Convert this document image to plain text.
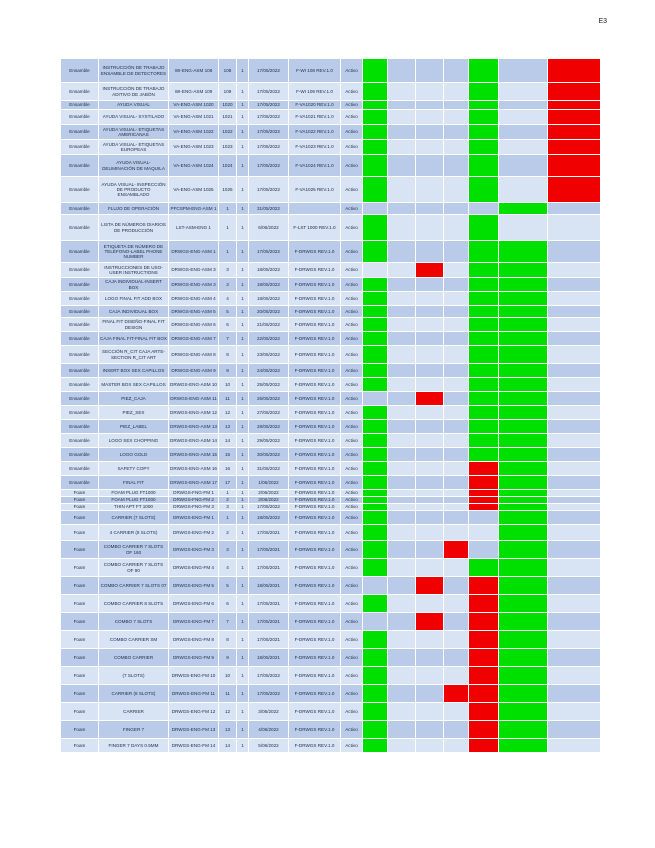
E3
Ensamble	INSTRUCCIÓN DE TRABAJO ENSAMBLE DE DETECTORES	WI-ENG-ASM 108	108	1	17/05/2022	F-WI 108 REV.1.0	Activo							
Ensamble	INSTRUCCIÓN DE TRABAJO ADITIVO DE JABÓN	WI-ENG-ASM 109	109	1	17/05/2022	F-WI 109 REV.1.0	Activo							
Ensamble	AYUDA VISUAL	VA-ENG-ASM 1020	1020	1	17/05/2022	F-VA1020 REV.1.0	Activo							
Ensamble	AYUDA VISUAL- SYSTILADO	VA-ENG-ASM 1021	1021	1	17/05/2022	F-VA1021 REV.1.0	Activo							
Ensamble	AYUDA VISUAL- ETIQUETAS AMERICANAS	VA-ENG-ASM 1022	1022	1	17/05/2022	F-VA1022 REV.1.0	Activo							
Ensamble	AYUDA VISUAL- ETIQUETAS EUROPEAS	VA-ENG-ASM 1023	1023	1	17/05/2022	F-VA1023 REV.1.0	Activo							
Ensamble	AYUDA VISUAL- DELIMINACIÓN DE MAQUILA	VA-ENG-ASM 1024	1024	1	17/05/2022	F-VA1024 REV.1.0	Activo							
Ensamble	AYUDA VISUAL- INSPECCIÓN DE PRODUCTO ENSAMBLADO	VA-ENG-ASM 1025	1025	1	17/05/2022	F-VA1025 REV.1.0	Activo							
Ensamble	FLUJO DE OPERACIÓN	PFCSPM-ENG-ASM 1	1	1	31/05/2022		Activo							
Ensamble	LISTA DE NÚMEROS DIARIOS DE PRODUCCIÓN	LST-ASM-ENG 1	1	1	6/06/2022	F-LST 1000 REV.1.0	Activo							
Ensamble	ETIQUETA DE NÚMERO DE TELÉFONO-LABEL PHONE NUMBER	DRWGS-ENG-ASM 1	1	1	17/05/2022	F-DRWGS REV.1.0	Activo							
Ensamble	INSTRUCCIONES DE USO-USER INSTRUCTIONS	DRWGS-ENG-ASM 3	3	1	18/05/2022	F-DRWGS REV.1.0	Activo							
Ensamble	CAJA INDIVIDUAL-INSERT BOX	DRWGS-ENG-ASM 3	3	1	18/05/2022	F-DRWGS REV.1.0	Activo							
Ensamble	LOGO FINAL FIT ADD BOX	DRWGS-ENG-ASM 4	4	1	18/05/2022	F-DRWGS REV.1.0	Activo							
Ensamble	CAJA INDIVIDUAL BOX	DRWGS-ENG-ASM 5	5	1	20/05/2022	F-DRWGS REV.1.0	Activo							
Ensamble	FINAL FIT DISEÑO-FINAL FIT DESIGN	DRWGS-ENG-ASM 6	6	1	21/05/2022	F-DRWGS REV.1.0	Activo							
Ensamble	CAJA FINAL FIT-FINAL FIT BOX	DRWGS-ENG-ASM 7	7	1	22/05/2022	F-DRWGS REV.1.0	Activo							
Ensamble	SECCIÓN R_CIT CAJA ARTE-SECTION R_CIT ART	DRWGS-ENG-ASM 8	8	1	23/05/2022	F-DRWGS REV.1.0	Activo							
Ensamble	INSERT BOX SEX CAPILLOS	DRWGS-ENG-ASM 9	9	1	24/05/2022	F-DRWGS REV.1.0	Activo							
Ensamble	MASTER BOX SEX CAPILLOS	DRWGS-ENG-ASM 10	10	1	25/05/2022	F-DRWGS REV.1.0	Activo							
Ensamble	PIEZ_CAJA	DRWGS-ENG-ASM 11	11	1	26/05/2022	F-DRWGS REV.1.0	Activo							
Ensamble	PIEZ_SEX	DRWGS-ENG-ASM 12	12	1	27/05/2022	F-DRWGS REV.1.0	Activo							
Ensamble	PIEZ_LABEL	DRWGS-ENG-ASM 13	13	1	28/05/2022	F-DRWGS REV.1.0	Activo							
Ensamble	LOGO SEX CHOPPING	DRWGS-ENG-ASM 14	14	1	29/05/2022	F-DRWGS REV.1.0	Activo							
Ensamble	LOGO GOLD	DRWGS-ENG-ASM 15	15	1	30/05/2022	F-DRWGS REV.1.0	Activo							
Ensamble	SAFETY COPY	DRWGS-ENG-ASM 16	16	1	31/05/2022	F-DRWGS REV.1.0	Activo							
Ensamble	FINAL FIT	DRWGS-ENG-ASM 17	17	1	1/06/2022	F-DRWGS REV.1.0	Activo							
Foam	FOAM PLUG FT1000	DRWGS-FNG-FM 1	1	1	2/06/2022	F-DRWGS REV.1.0	Activo							
Foam	FOAM PLUG FT1000	DRWGS-FNG-FM 2	2	1	3/06/2022	F-DRWGS REV.1.0	Activo							
Foam	THIN APT FT 1000	DRWGS-FNG-FM 3	3	1	17/05/2022	F-DRWGS REV.1.0	Activo							
Foam	CARRIER (7 SLOTS)	DRWGS-ENG-FM 1	1	1	18/05/2022	F-DRWGS REV.1.0	Activo							
Foam	4 CARRIER (8 SLOTS)	DRWGS-ENG-FM 2	2	1	17/05/2021	F-DRWGS REV.1.0	Activo							
Foam	COMBO CARRIER 7 SLOTS OF 160	DRWGS-ENG-FM 3	3	1	17/05/2021	F-DRWGS REV.1.0	Activo							
Foam	COMBO CARRIER 7 SLOTS OF 90	DRWGS-ENG-FM 4	4	1	17/05/2021	F-DRWGS REV.1.0	Activo							
Foam	COMBO CARRIER 7 SLOTS 07	DRWGS-ENG-FM 5	5	1	18/05/2021	F-DRWGS REV.1.0	Activo							
Foam	COMBO CARRIER 8 SLOTS	DRWGS-ENG-FM 6	6	1	17/05/2021	F-DRWGS REV.1.0	Activo							
Foam	COMBO 7 SLOTS	DRWGS-ENG-FM 7	7	1	17/05/2021	F-DRWGS REV.1.0	Activo							
Foam	COMBO CARRIER SM	DRWGS-ENG-FM 8	8	1	17/05/2021	F-DRWGS REV.1.0	Activo							
Foam	COMBO CARRIER	DRWGS-ENG-FM 9	9	1	18/05/2021	F-DRWGS REV.1.0	Activo							
Foam	(7 SLOTS)	DRWGS-ENG-FM 10	10	1	17/05/2022	F-DRWGS REV.1.0	Activo							
Foam	CARRIER (8 SLOTS)	DRWGS-ENG-FM 11	11	1	17/05/2022	F-DRWGS REV.1.0	Activo							
Foam	CARRIER	DRWGS-ENG-FM 12	12	1	3/06/2022	F-DRWGS REV.1.0	Activo							
Foam	FINGER 7	DRWGS-ENG-FM 13	13	1	4/06/2022	F-DRWGS REV.1.0	Activo							
Foam	FINGER 7 DAYS 0.5MM	DRWGS-ENG-FM 14	14	1	5/06/2022	F-DRWGS REV.1.0	Activo							
